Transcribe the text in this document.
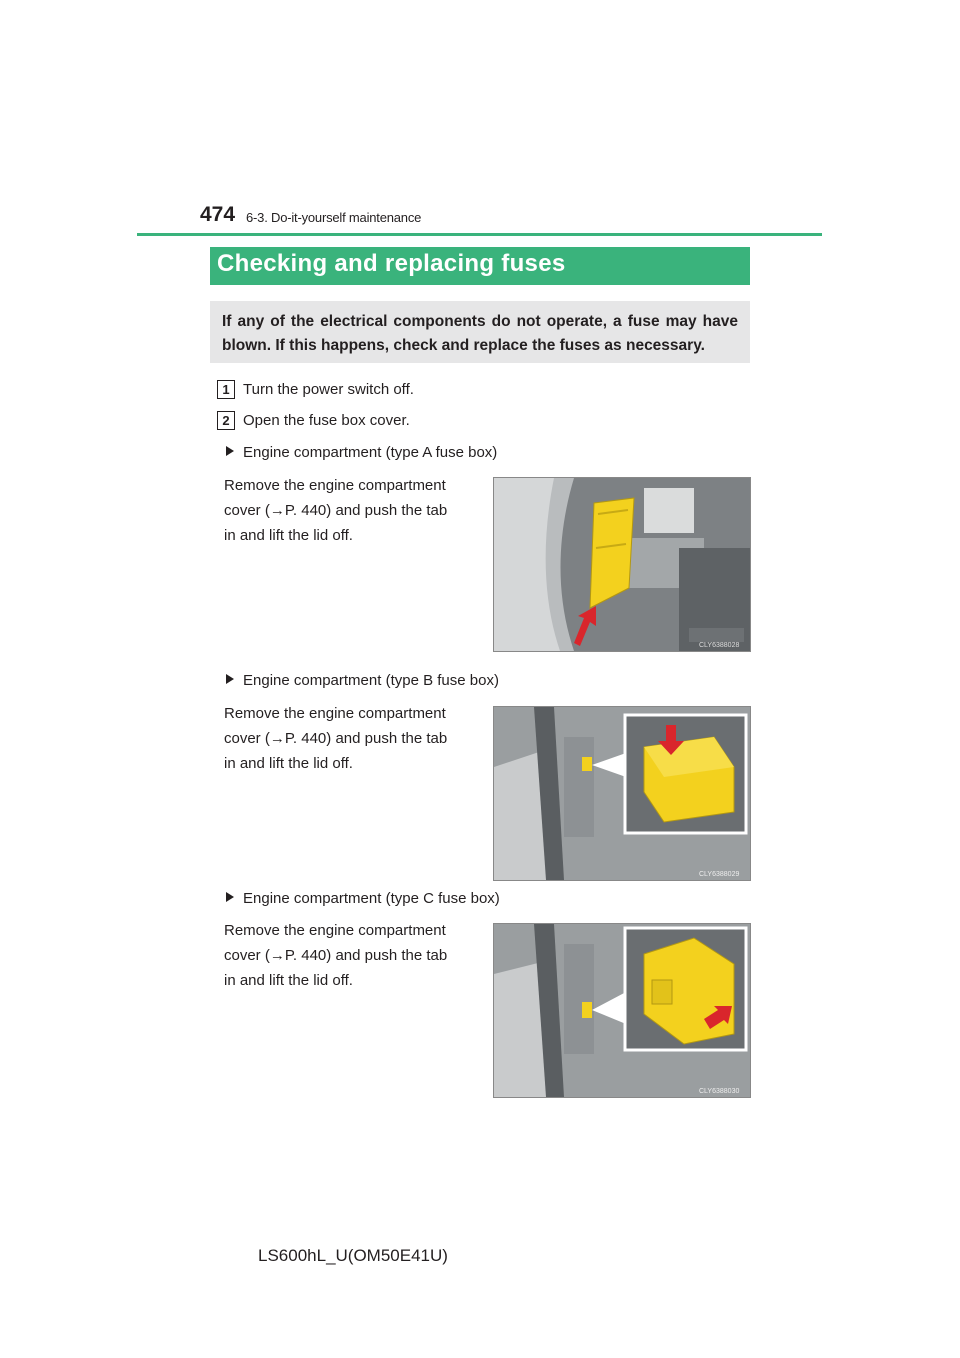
474 6-3. Do-it-yourself maintenance
Checking and replacing fuses
If any of the electrical components do not operate, a fuse may have blown. If this happens, check and replace the fuses as necessary.
1 Turn the power switch off.
2 Open the fuse box cover.
Engine compartment (type A fuse box)
Remove the engine compartment
cover (→P. 440) and push the tab
in and lift the lid off.
CLY6388028
Engine compartment (type B fuse box)
Remove the engine compartment
cover (→P. 440) and push the tab
in and lift the lid off.
CLY6388029
Engine compartment (type C fuse box)
Remove the engine compartment
cover (→P. 440) and push the tab
in and lift the lid off.
CLY6388030
LS600hL_U(OM50E41U)
